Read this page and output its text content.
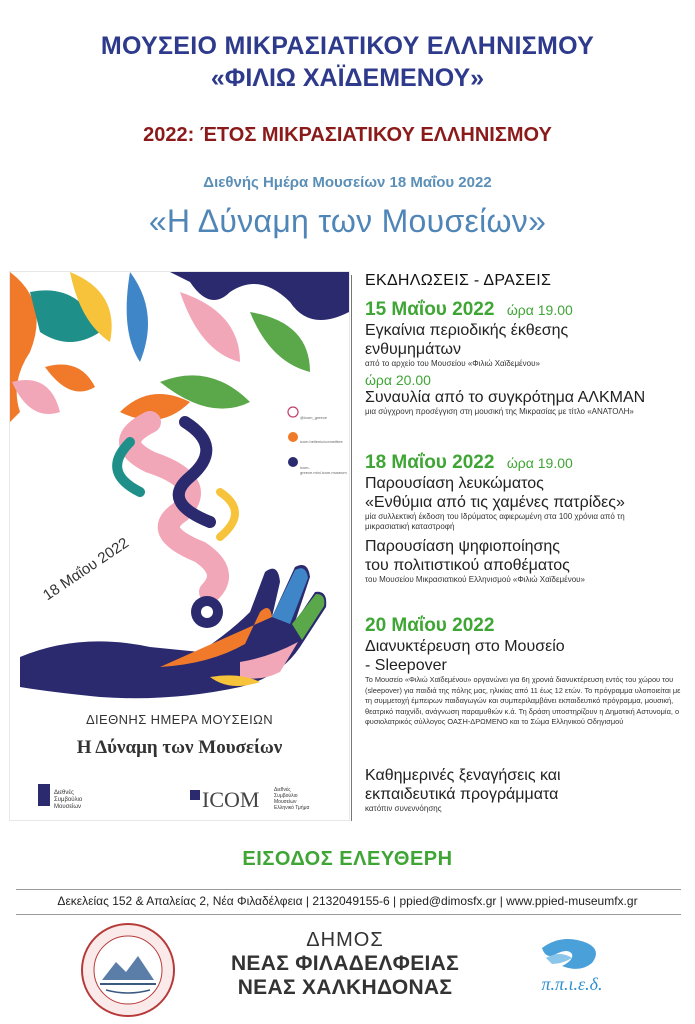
ΜΟΥΣΕΙΟ ΜΙΚΡΑΣΙΑΤΙΚΟΥ ΕΛΛΗΝΙΣΜΟΥ
«ΦΙΛΙΩ ΧΑΪΔΕΜΕΝΟΥ»
2022: ΈΤΟΣ ΜΙΚΡΑΣΙΑΤΙΚΟΥ ΕΛΛΗΝΙΣΜΟΥ
Διεθνής Ημέρα Μουσείων 18 Μαΐου 2022
«Η Δύναμη των Μουσείων»
18 Μαΐου 2022
@icom_greece
icom.hellenic/committee
icom-greece.mini.icom.museum
ΔΙΕΘΝΗΣ ΗΜΕΡΑ ΜΟΥΣΕΙΩΝ
Η Δύναμη των Μουσείων
Διεθνές
Συμβούλιο
Μουσείων	ICOM	Διεθνές
Συμβούλιο
Μουσείων
Ελληνικό Τμήμα
ΕΚΔΗΛΩΣΕΙΣ - ΔΡΑΣΕΙΣ
15 Μαΐου 2022 ώρα 19.00
Εγκαίνια περιοδικής έκθεσης ενθυμημάτων
από το αρχείο του Μουσείου «Φιλιώ Χαϊδεμένου»
ώρα 20.00
Συναυλία από το συγκρότημα ΑΛΚΜΑΝ
μια σύγχρονη προσέγγιση στη μουσική της Μικρασίας με τίτλο «ΑΝΑΤΟΛΗ»
18 Μαΐου 2022 ώρα 19.00
Παρουσίαση λευκώματος
«Ενθύμια από τις χαμένες πατρίδες»
μία συλλεκτική έκδοση του Ιδρύματος αφιερωμένη στα 100 χρόνια από τη μικρασιατική καταστροφή
Παρουσίαση ψηφιοποίησης
του πολιτιστικού αποθέματος
του Μουσείου Μικρασιατικού Ελληνισμού «Φιλιώ Χαϊδεμένου»
20 Μαΐου 2022
Διανυκτέρευση στο Μουσείο
- Sleepover
Το Μουσείο «Φιλιώ Χαϊδεμένου» οργανώνει για 6η χρονιά διανυκτέρευση εντός του χώρου του (sleepover) για παιδιά της πόλης μας, ηλικίας από 11 έως 12 ετών. Το πρόγραμμα υλοποιείται με τη συμμετοχή έμπειρων παιδαγωγών και συμπεριλαμβάνει εκπαιδευτικό πρόγραμμα, μουσική, θεατρικό παιχνίδι, ανάγνωση παραμυθιών κ.ά. Τη δράση υποστηρίζουν η Δημοτική Αστυνομία, ο φυσιολατρικός σύλλογος ΟΑΣΗ-ΔΡΩΜΕΝΟ και το Σώμα Ελληνικού Οδηγισμού
Καθημερινές ξεναγήσεις και
εκπαιδευτικά προγράμματα
κατόπιν συνεννόησης
ΕΙΣΟΔΟΣ ΕΛΕΥΘΕΡΗ
Δεκελείας 152 & Απαλείας 2, Νέα Φιλαδέλφεια | 2132049155-6 | ppied@dimosfx.gr | www.ppied-museumfx.gr
ΔΗΜΟΣ
ΝΕΑΣ ΦΙΛΑΔΕΛΦΕΙΑΣ
ΝΕΑΣ ΧΑΛΚΗΔΟΝΑΣ	π.π.ι.ε.δ.
